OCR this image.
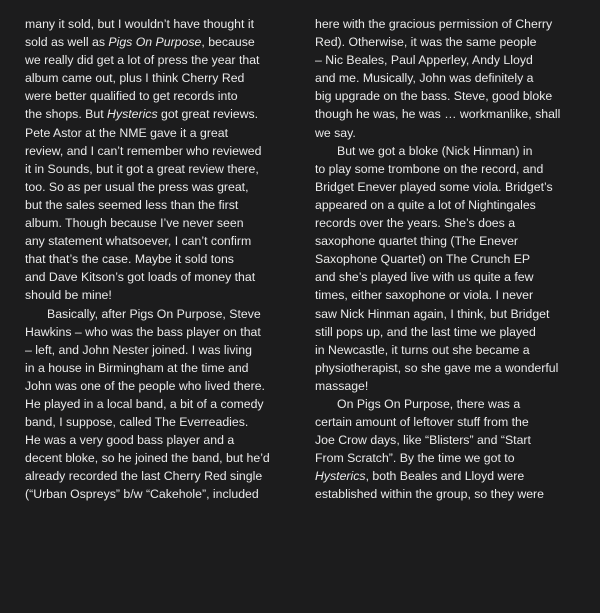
many it sold, but I wouldn’t have thought it
sold as well as Pigs On Purpose, because
we really did get a lot of press the year that
album came out, plus I think Cherry Red
were better qualified to get records into
the shops. But Hysterics got great reviews.
Pete Astor at the NME gave it a great
review, and I can’t remember who reviewed
it in Sounds, but it got a great review there,
too. So as per usual the press was great,
but the sales seemed less than the first
album. Though because I’ve never seen
any statement whatsoever, I can’t confirm
that that’s the case. Maybe it sold tons
and Dave Kitson’s got loads of money that
should be mine!
Basically, after Pigs On Purpose, Steve
Hawkins – who was the bass player on that
– left, and John Nester joined. I was living
in a house in Birmingham at the time and
John was one of the people who lived there.
He played in a local band, a bit of a comedy
band, I suppose, called The Everreadies.
He was a very good bass player and a
decent bloke, so he joined the band, but he’d
already recorded the last Cherry Red single
(“Urban Ospreys” b/w “Cakehole”, included
here with the gracious permission of Cherry
Red). Otherwise, it was the same people
– Nic Beales, Paul Apperley, Andy Lloyd
and me. Musically, John was definitely a
big upgrade on the bass. Steve, good bloke
though he was, he was … workmanlike, shall
we say.
But we got a bloke (Nick Hinman) in
to play some trombone on the record, and
Bridget Enever played some viola. Bridget’s
appeared on a quite a lot of Nightingales
records over the years. She’s does a
saxophone quartet thing (The Enever
Saxophone Quartet) on The Crunch EP
and she’s played live with us quite a few
times, either saxophone or viola. I never
saw Nick Hinman again, I think, but Bridget
still pops up, and the last time we played
in Newcastle, it turns out she became a
physiotherapist, so she gave me a wonderful
massage!
On Pigs On Purpose, there was a
certain amount of leftover stuff from the
Joe Crow days, like “Blisters” and “Start
From Scratch”. By the time we got to
Hysterics, both Beales and Lloyd were
established within the group, so they were
